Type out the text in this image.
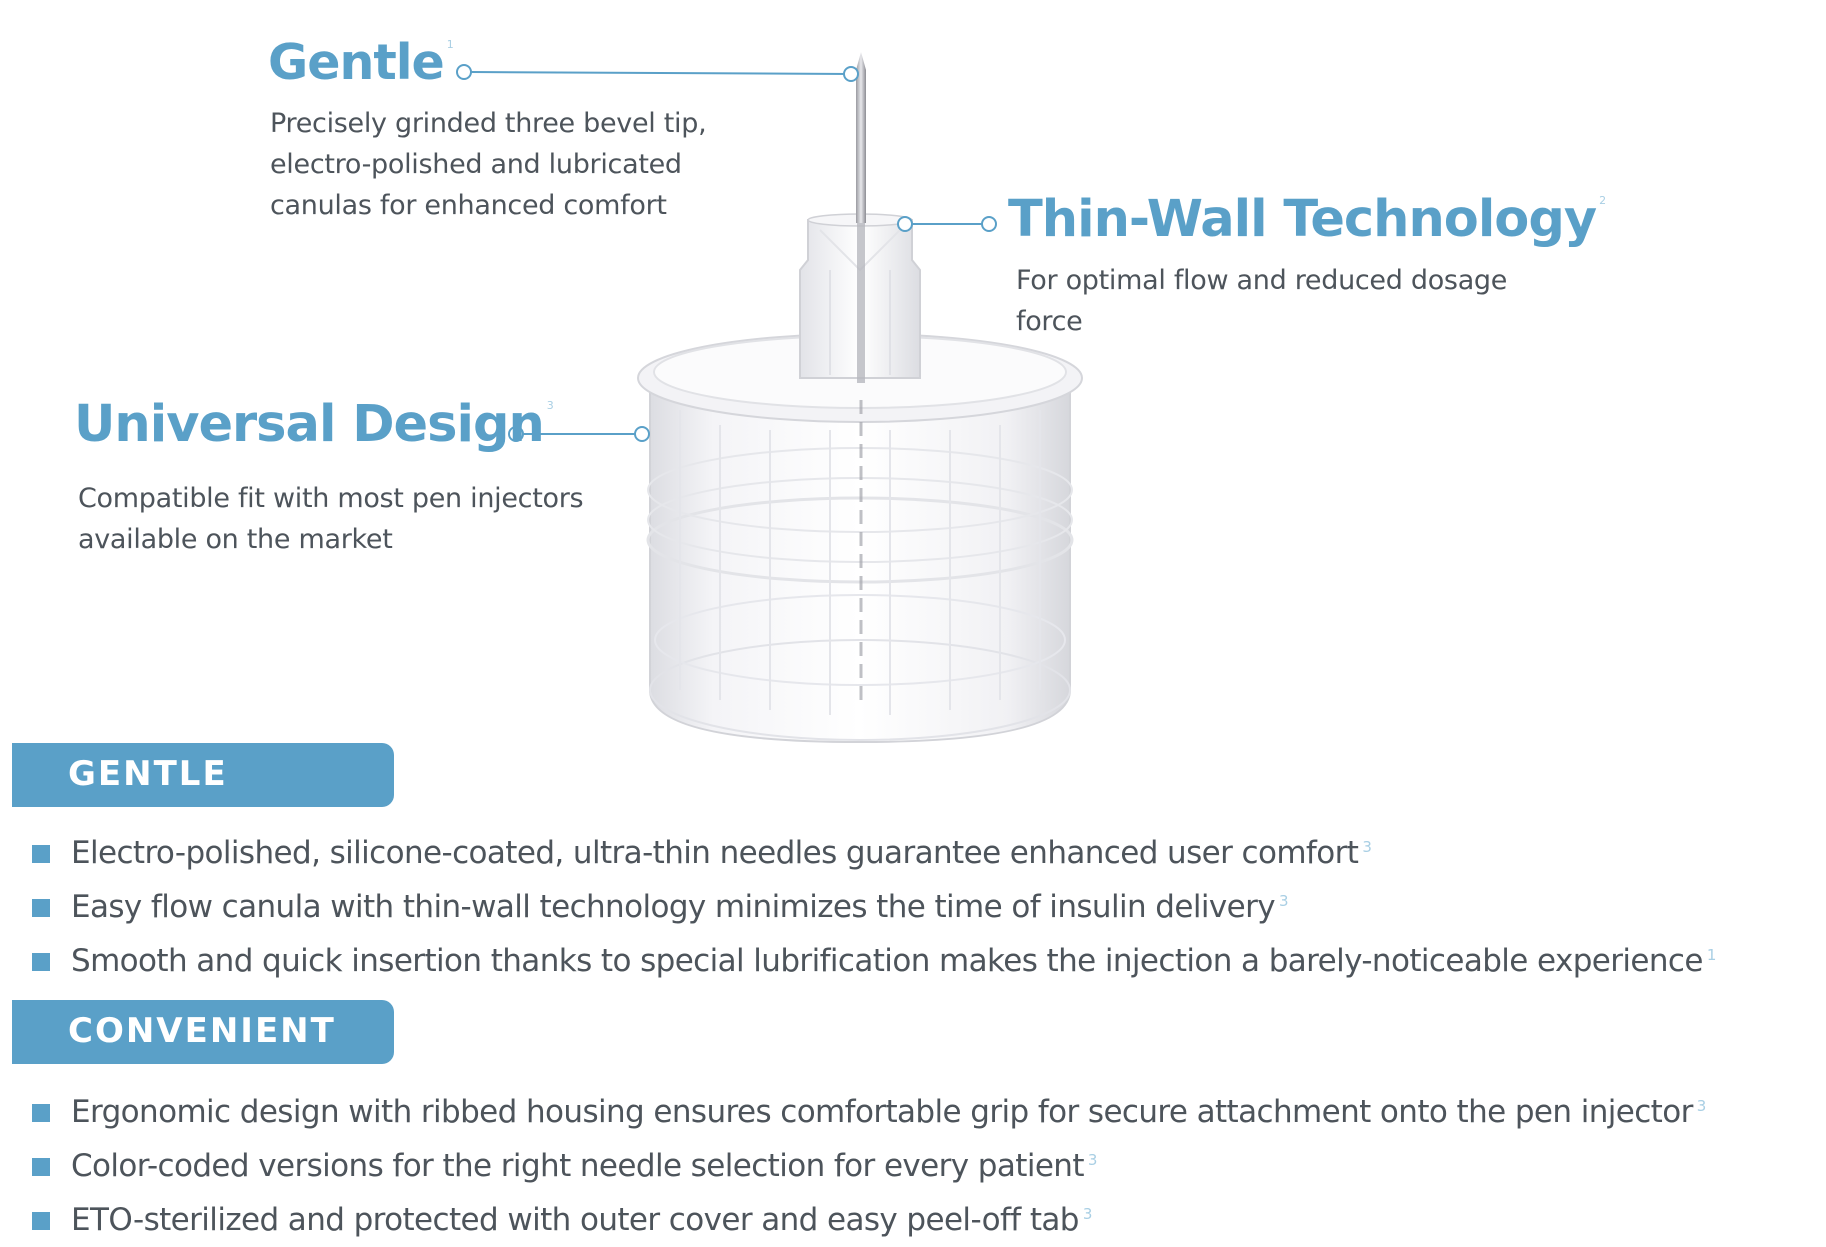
Gentle $^1$

Precisely grinded three bevel tip, electro-polished and lubricated canulas for enhanced comfort	Thin-Wall Technology $^2$

For optimal flow and reduced dosage force

Universal Design $^3$

Compatible fit with most pen injectors available on the market

GENTLE
Electro-polished, silicone-coated, ultra-thin needles guarantee enhanced user comfort $^3$
Easy flow canula with thin-wall technology minimizes the time of insulin delivery $^3$
Smooth and quick insertion thanks to special lubrification makes the injection a barely-noticeable experience $^1$
CONVENIENT
Ergonomic design with ribbed housing ensures comfortable grip for secure attachment onto the pen injector $^3$
Color-coded versions for the right needle selection for every patient $^3$
ETO-sterilized and protected with outer cover and easy peel-off tab $^3$
